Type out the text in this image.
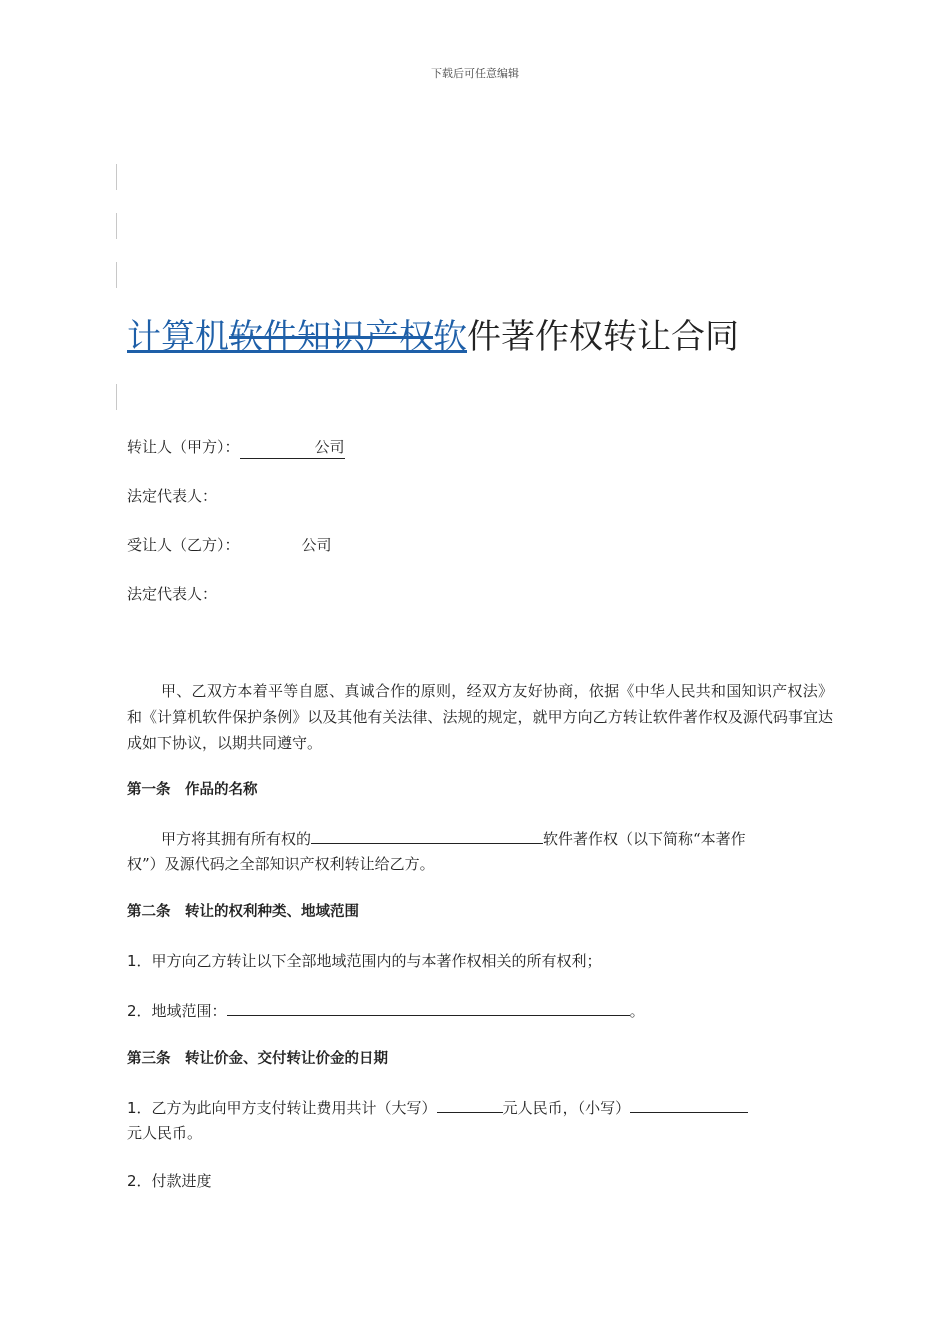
下载后可任意编辑
计算机软件知识产权软件著作权转让合同
转让人（甲方）：	公司
法定代表人：
受让人（乙方）：	公司
法定代表人：
甲、乙双方本着平等自愿、真诚合作的原则，经双方友好协商，依据《中华人民共和国知识产权法》和《计算机软件保护条例》以及其他有关法律、法规的规定，就甲方向乙方转让软件著作权及源代码事宜达成如下协议，以期共同遵守。
第一条　作品的名称
甲方将其拥有所有权的	软件著作权（以下简称“本著作
权”）及源代码之全部知识产权利转让给乙方。
第二条　转让的权利种类、地域范围
1．甲方向乙方转让以下全部地域范围内的与本著作权相关的所有权利；
2．地域范围：	。
第三条　转让价金、交付转让价金的日期
1．乙方为此向甲方支付转让费用共计（大写）	元人民币，（小写）
元人民币。
2．付款进度
